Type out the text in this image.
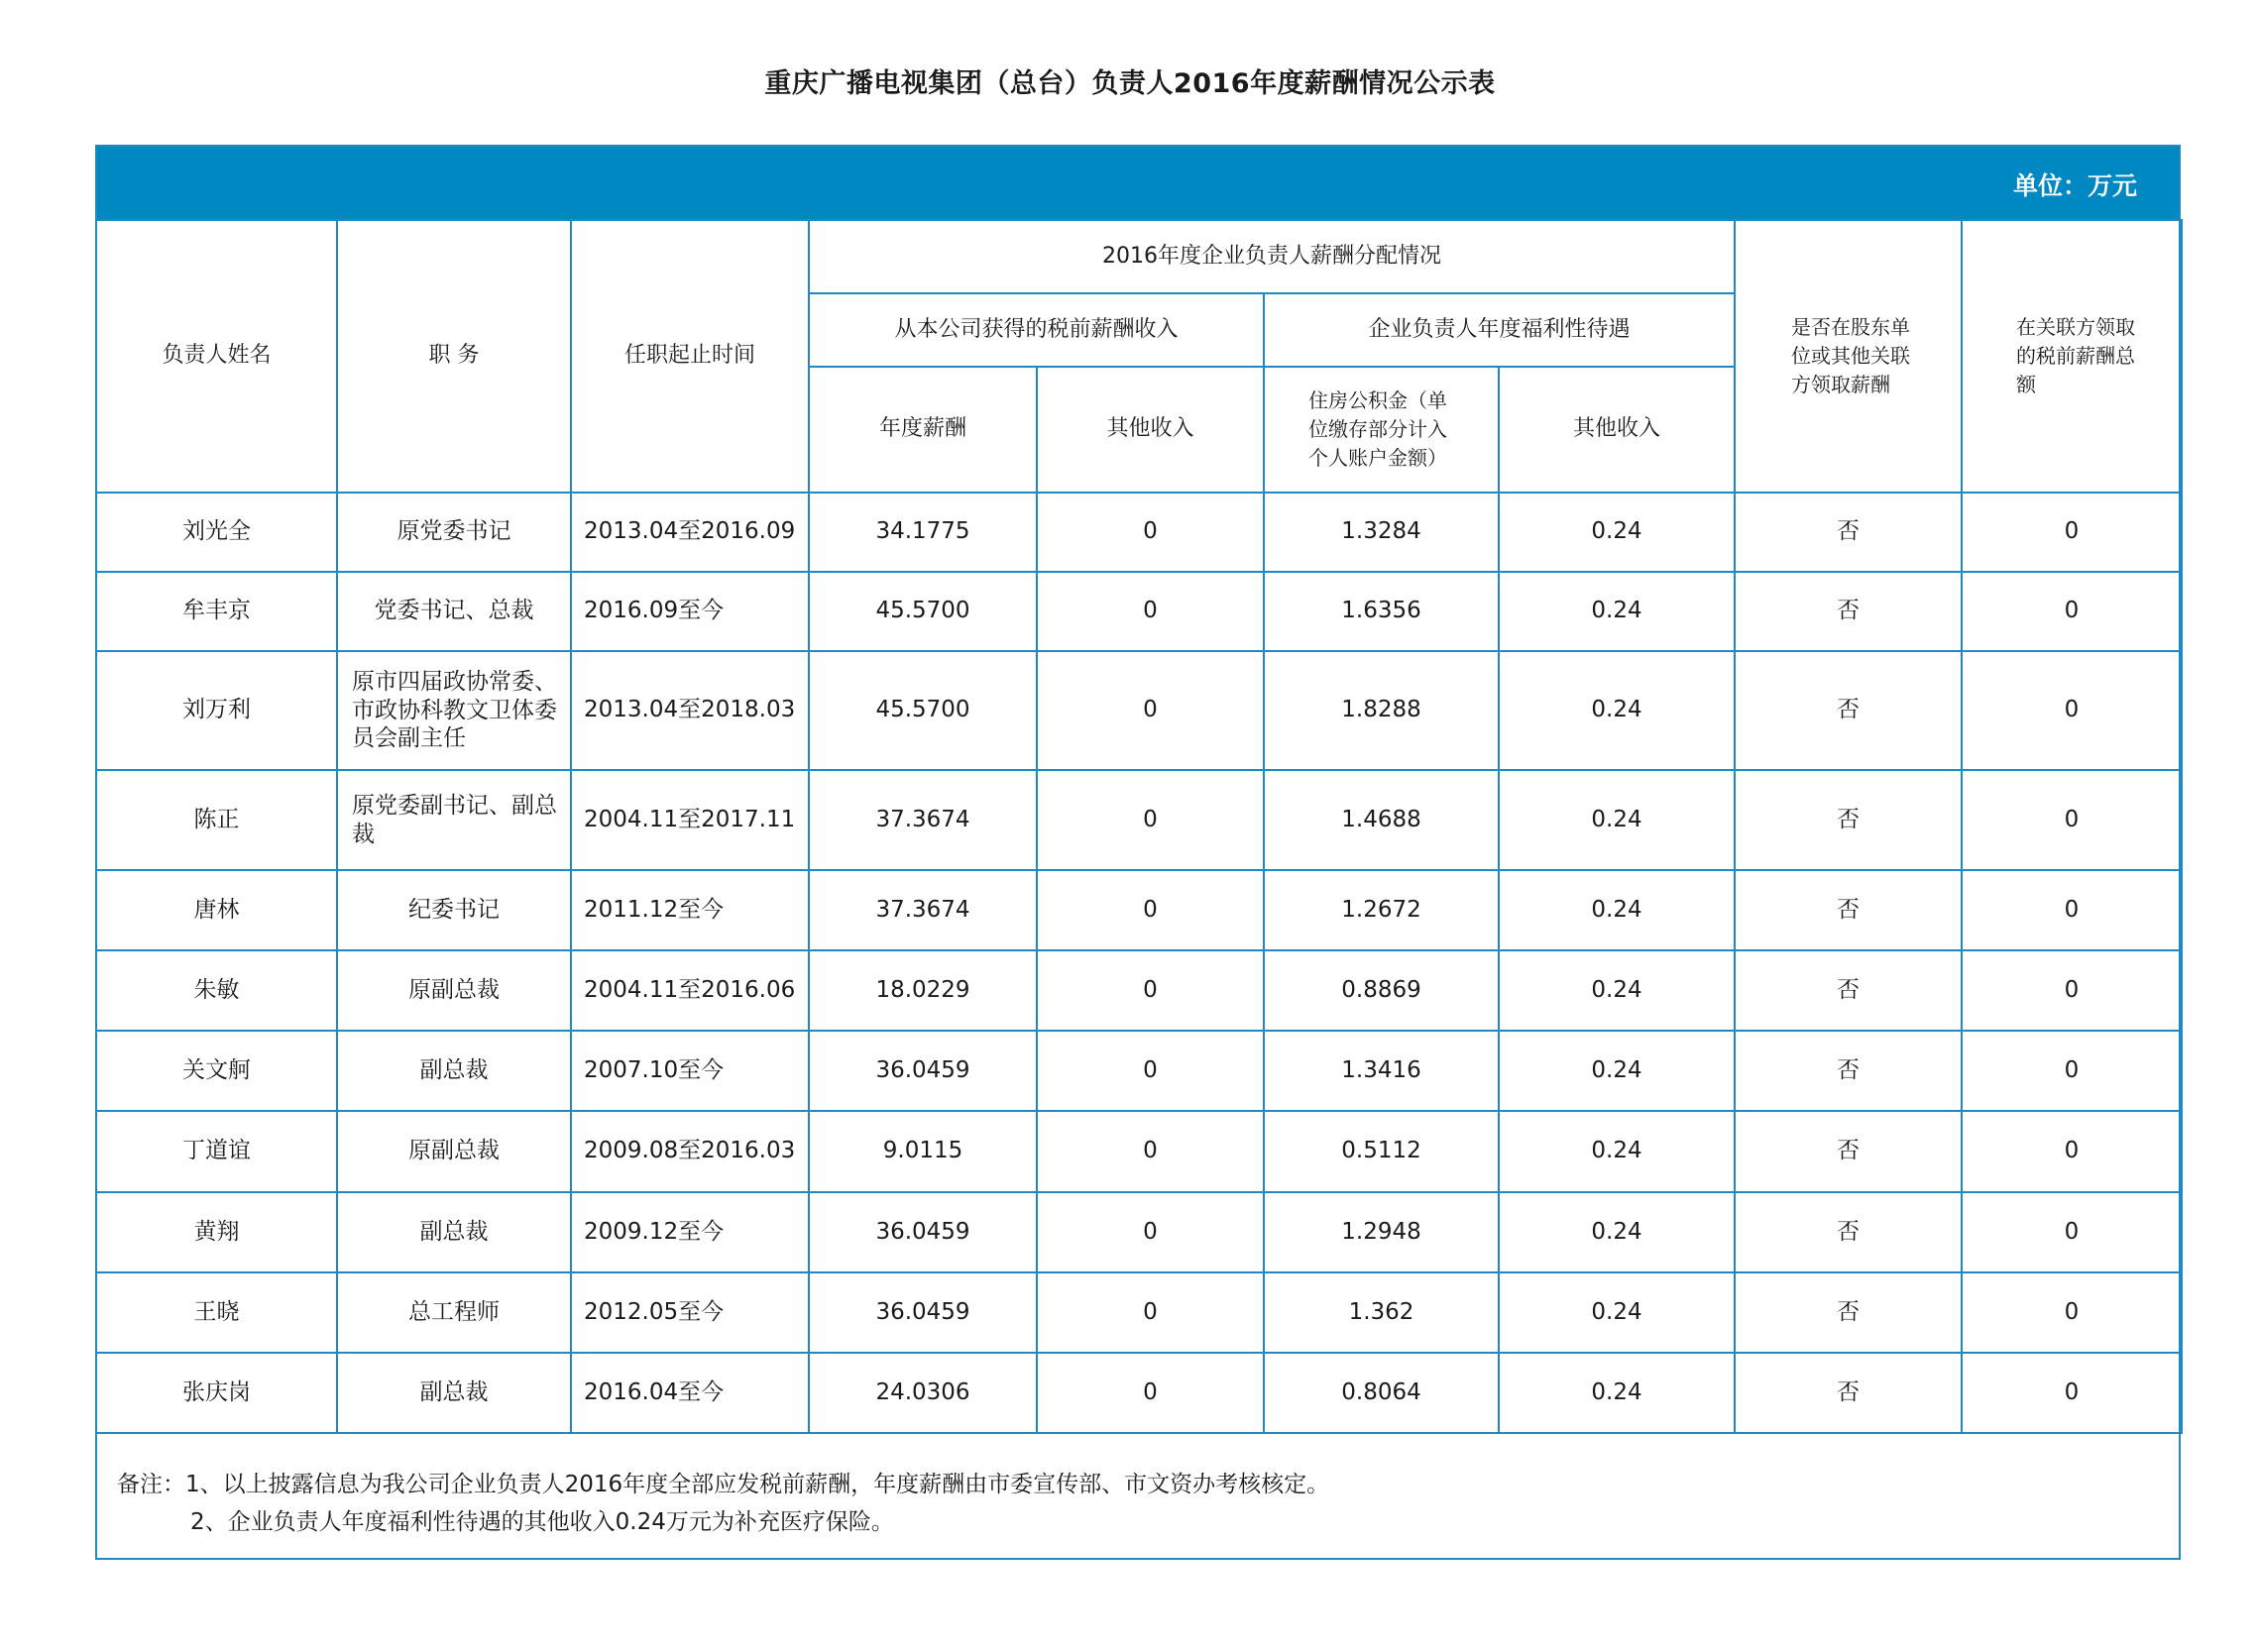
重庆广播电视集团（总台）负责人2016年度薪酬情况公示表
单位：万元
负责人姓名	职 务	任职起止时间	2016年度企业负责人薪酬分配情况				是否在股东单位或其他关联方领取薪酬	在关联方领取的税前薪酬总额
			从本公司获得的税前薪酬收入		企业负责人年度福利性待遇			
			年度薪酬	其他收入	住房公积金（单位缴存部分计入个人账户金额）	其他收入		
刘光全	原党委书记	2013.04至2016.09	34.1775	0	1.3284	0.24	否	0
牟丰京	党委书记、总裁	2016.09至今	45.5700	0	1.6356	0.24	否	0
刘万利	原市四届政协常委、市政协科教文卫体委员会副主任	2013.04至2018.03	45.5700	0	1.8288	0.24	否	0
陈正	原党委副书记、副总裁	2004.11至2017.11	37.3674	0	1.4688	0.24	否	0
唐林	纪委书记	2011.12至今	37.3674	0	1.2672	0.24	否	0
朱敏	原副总裁	2004.11至2016.06	18.0229	0	0.8869	0.24	否	0
关文舸	副总裁	2007.10至今	36.0459	0	1.3416	0.24	否	0
丁道谊	原副总裁	2009.08至2016.03	9.0115	0	0.5112	0.24	否	0
黄翔	副总裁	2009.12至今	36.0459	0	1.2948	0.24	否	0
王晓	总工程师	2012.05至今	36.0459	0	1.362	0.24	否	0
张庆岗	副总裁	2016.04至今	24.0306	0	0.8064	0.24	否	0
备注：1、以上披露信息为我公司企业负责人2016年度全部应发税前薪酬，年度薪酬由市委宣传部、市文资办考核核定。
2、企业负责人年度福利性待遇的其他收入0.24万元为补充医疗保险。
